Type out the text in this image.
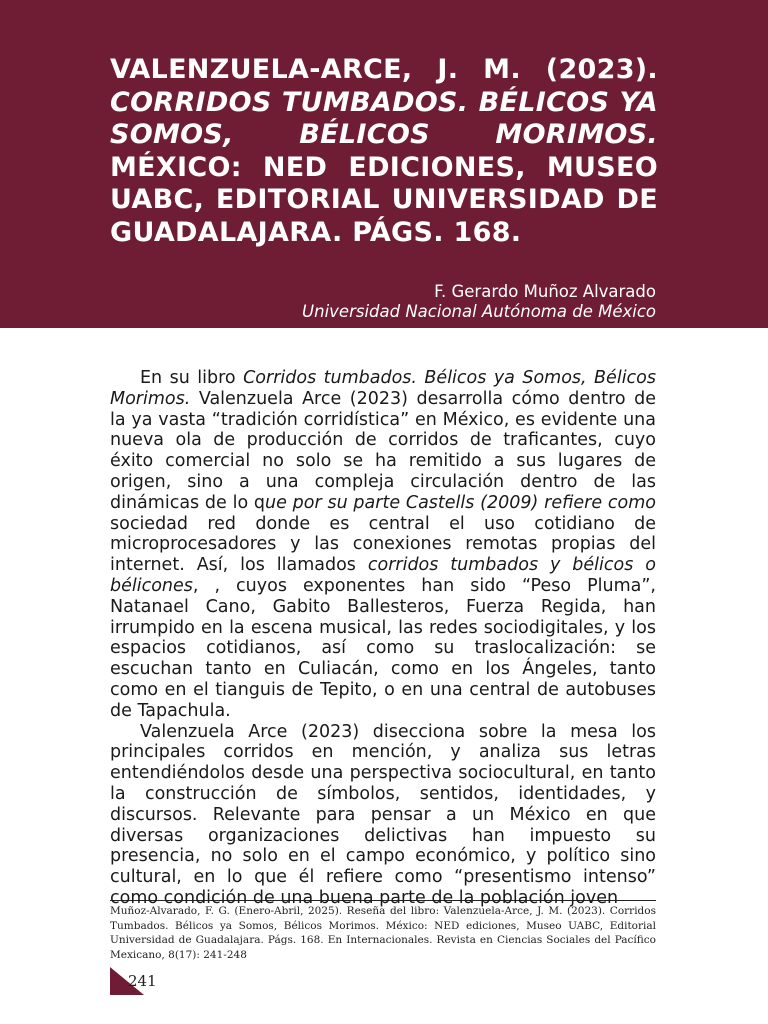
VALENZUELA-ARCE, J. M. (2023). CORRIDOS TUMBADOS. BÉLICOS YA SOMOS, BÉLICOS MORIMOS. MÉXICO: NED EDICIONES, MUSEO UABC, EDITORIAL UNIVERSIDAD DE GUADALAJARA. PÁGS. 168.
F. Gerardo Muñoz Alvarado
Universidad Nacional Autónoma de México

En su libro Corridos tumbados. Bélicos ya Somos, Bélicos Morimos. Valenzuela Arce (2023) desarrolla cómo dentro de la ya vasta “tradición corridística” en México, es evidente una nueva ola de producción de corridos de traficantes, cuyo éxito comercial no solo se ha remitido a sus lugares de origen, sino a una compleja circulación dentro de las dinámicas de lo que por su parte Castells (2009) refiere como sociedad red donde es central el uso cotidiano de microprocesadores y las conexiones remotas propias del internet. Así, los llamados corridos tumbados y bélicos o bélicones, , cuyos exponentes han sido “Peso Pluma”, Natanael Cano, Gabito Ballesteros, Fuerza Regida, han irrumpido en la escena musical, las redes sociodigitales, y los espacios cotidianos, así como su traslocalización: se escuchan tanto en Culiacán, como en los Ángeles, tanto como en el tianguis de Tepito, o en una central de autobuses de Tapachula.

Valenzuela Arce (2023) disecciona sobre la mesa los principales corridos en mención, y analiza sus letras entendiéndolos desde una perspectiva sociocultural, en tanto la construcción de símbolos, sentidos, identidades, y discursos. Relevante para pensar a un México en que diversas organizaciones delictivas han impuesto su presencia, no solo en el campo económico, y político sino cultural, en lo que él refiere como “presentismo intenso” como condición de una buena parte de la población joven

Muñoz-Alvarado, F. G. (Enero-Abril, 2025). Reseña del libro: Valenzuela-Arce, J. M. (2023). Corridos Tumbados. Bélicos ya Somos, Bélicos Morimos. México: NED ediciones, Museo UABC, Editorial Universidad de Guadalajara. Págs. 168. En Internacionales. Revista en Ciencias Sociales del Pacífico Mexicano, 8(17): 241-248
241
